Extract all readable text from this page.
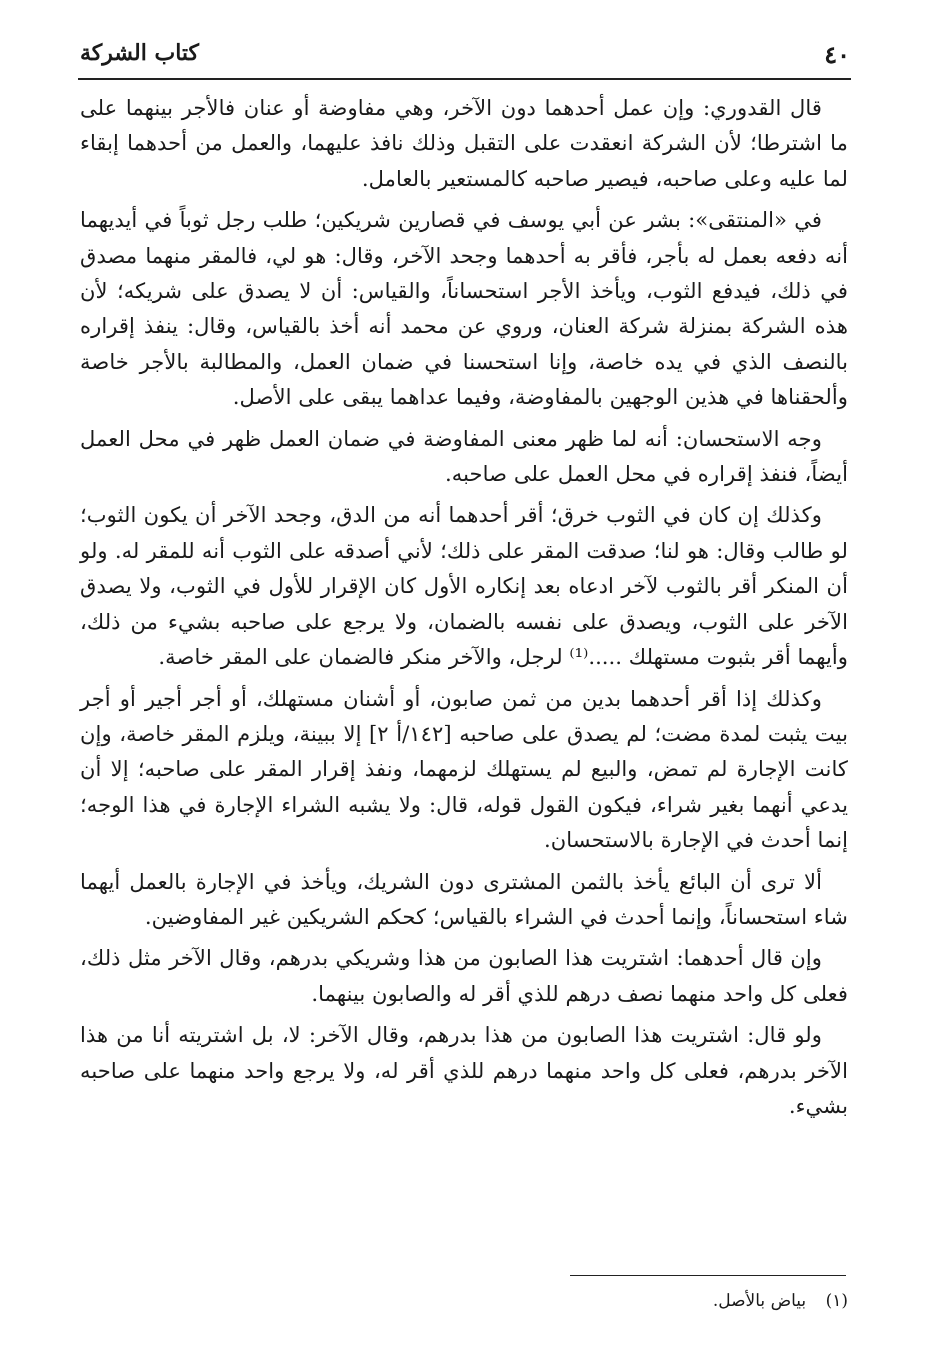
٤٠
كتاب الشركة

قال القدوري: وإن عمل أحدهما دون الآخر، وهي مفاوضة أو عنان فالأجر بينهما على ما اشترطا؛ لأن الشركة انعقدت على التقبل وذلك نافذ عليهما، والعمل من أحدهما إبقاء لما عليه وعلى صاحبه، فيصير صاحبه كالمستعير بالعامل.

في «المنتقى»: بشر عن أبي يوسف في قصارين شريكين؛ طلب رجل ثوباً في أيديهما أنه دفعه بعمل له بأجر، فأقر به أحدهما وجحد الآخر، وقال: هو لي، فالمقر منهما مصدق في ذلك، فيدفع الثوب، ويأخذ الأجر استحساناً، والقياس: أن لا يصدق على شريكه؛ لأن هذه الشركة بمنزلة شركة العنان، وروي عن محمد أنه أخذ بالقياس، وقال: ينفذ إقراره بالنصف الذي في يده خاصة، وإنا استحسنا في ضمان العمل، والمطالبة بالأجر خاصة وألحقناها في هذين الوجهين بالمفاوضة، وفيما عداهما يبقى على الأصل.

وجه الاستحسان: أنه لما ظهر معنى المفاوضة في ضمان العمل ظهر في محل العمل أيضاً، فنفذ إقراره في محل العمل على صاحبه.

وكذلك إن كان في الثوب خرق؛ أقر أحدهما أنه من الدق، وجحد الآخر أن يكون الثوب؛ لو طالب وقال: هو لنا؛ صدقت المقر على ذلك؛ لأني أصدقه على الثوب أنه للمقر له. ولو أن المنكر أقر بالثوب لآخر ادعاه بعد إنكاره الأول كان الإقرار للأول في الثوب، ولا يصدق الآخر على الثوب، ويصدق على نفسه بالضمان، ولا يرجع على صاحبه بشيء من ذلك، وأيهما أقر بثبوت مستهلك .....⁽¹⁾ لرجل، والآخر منكر فالضمان على المقر خاصة.

وكذلك إذا أقر أحدهما بدين من ثمن صابون، أو أشنان مستهلك، أو أجر أجير أو أجر بيت يثبت لمدة مضت؛ لم يصدق على صاحبه [١٤٢/أ ٢] إلا ببينة، ويلزم المقر خاصة، وإن كانت الإجارة لم تمض، والبيع لم يستهلك لزمهما، ونفذ إقرار المقر على صاحبه؛ إلا أن يدعي أنهما بغير شراء، فيكون القول قوله، قال: ولا يشبه الشراء الإجارة في هذا الوجه؛ إنما أحدث في الإجارة بالاستحسان.

ألا ترى أن البائع يأخذ بالثمن المشترى دون الشريك، ويأخذ في الإجارة بالعمل أيهما شاء استحساناً، وإنما أحدث في الشراء بالقياس؛ كحكم الشريكين غير المفاوضين.

وإن قال أحدهما: اشتريت هذا الصابون من هذا وشريكي بدرهم، وقال الآخر مثل ذلك، فعلى كل واحد منهما نصف درهم للذي أقر له والصابون بينهما.

ولو قال: اشتريت هذا الصابون من هذا بدرهم، وقال الآخر: لا، بل اشتريته أنا من هذا الآخر بدرهم، فعلى كل واحد منهما درهم للذي أقر له، ولا يرجع واحد منهما على صاحبه بشيء.

(١) بياض بالأصل.
